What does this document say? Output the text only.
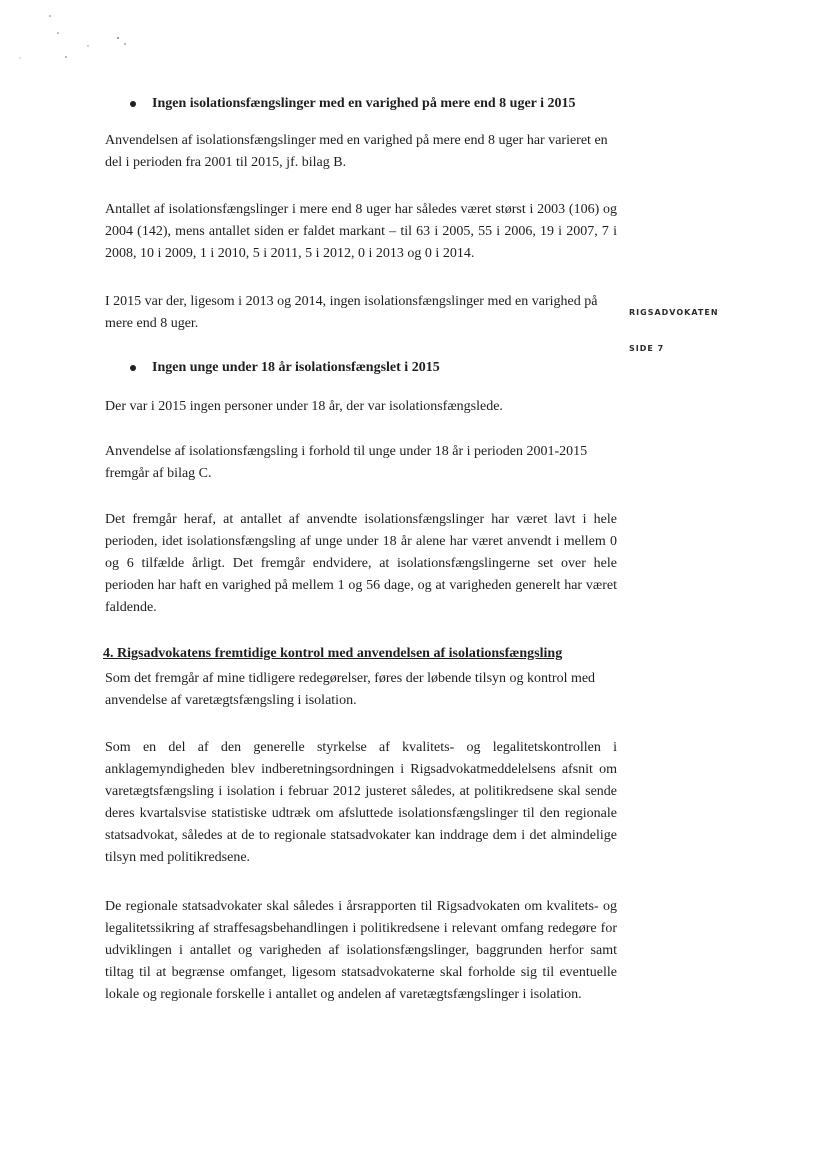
Ingen isolationsfængslinger med en varighed på mere end 8 uger i 2015

Anvendelsen af isolationsfængslinger med en varighed på mere end 8 uger har varieret en del i perioden fra 2001 til 2015, jf. bilag B.

Antallet af isolationsfængslinger i mere end 8 uger har således været størst i 2003 (106) og 2004 (142), mens antallet siden er faldet markant – til 63 i 2005, 55 i 2006, 19 i 2007, 7 i 2008, 10 i 2009, 1 i 2010, 5 i 2011, 5 i 2012, 0 i 2013 og 0 i 2014.

I 2015 var der, ligesom i 2013 og 2014, ingen isolationsfængslinger med en varighed på mere end 8 uger.

RIGSADVOKATEN
SIDE 7
Ingen unge under 18 år isolationsfængslet i 2015

Der var i 2015 ingen personer under 18 år, der var isolationsfængslede.

Anvendelse af isolationsfængsling i forhold til unge under 18 år i perioden 2001-2015 fremgår af bilag C.

Det fremgår heraf, at antallet af anvendte isolationsfængslinger har været lavt i hele perioden, idet isolationsfængsling af unge under 18 år alene har været anvendt i mellem 0 og 6 tilfælde årligt. Det fremgår endvidere, at isolationsfængslingerne set over hele perioden har haft en varighed på mellem 1 og 56 dage, og at varigheden generelt har været faldende.

4. Rigsadvokatens fremtidige kontrol med anvendelsen af isolationsfængsling

Som det fremgår af mine tidligere redegørelser, føres der løbende tilsyn og kontrol med anvendelse af varetægtsfængsling i isolation.

Som en del af den generelle styrkelse af kvalitets- og legalitetskontrollen i anklagemyndigheden blev indberetningsordningen i Rigsadvokatmeddelelsens afsnit om varetægtsfængsling i isolation i februar 2012 justeret således, at politikredsene skal sende deres kvartalsvise statistiske udtræk om afsluttede isolationsfængslinger til den regionale statsadvokat, således at de to regionale statsadvokater kan inddrage dem i det almindelige tilsyn med politikredsene.

De regionale statsadvokater skal således i årsrapporten til Rigsadvokaten om kvalitets- og legalitetssikring af straffesagsbehandlingen i politikredsene i relevant omfang redegøre for udviklingen i antallet og varigheden af isolationsfængslinger, baggrunden herfor samt tiltag til at begrænse omfanget, ligesom statsadvokaterne skal forholde sig til eventuelle lokale og regionale forskelle i antallet og andelen af varetægtsfængslinger i isolation.
